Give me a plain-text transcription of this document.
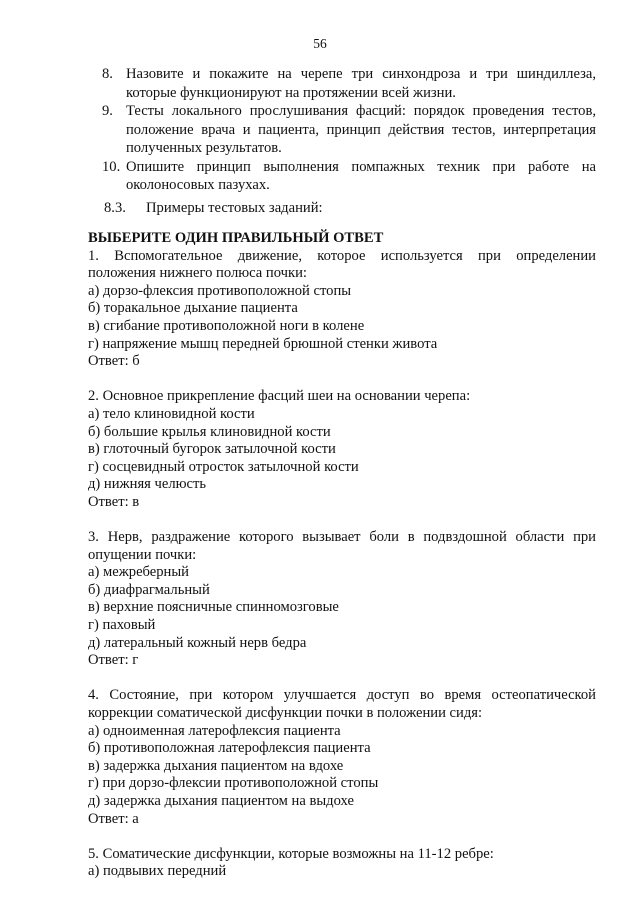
56
8. Назовите и покажите на черепе три синхондроза и три шиндиллеза, которые функционируют на протяжении всей жизни.
9. Тесты локального прослушивания фасций: порядок проведения тестов, положение врача и пациента, принцип действия тестов, интерпретация полученных результатов.
10. Опишите принцип выполнения помпажных техник при работе на околоносовых пазухах.
8.3. Примеры тестовых заданий:
ВЫБЕРИТЕ ОДИН ПРАВИЛЬНЫЙ ОТВЕТ
1. Вспомогательное движение, которое используется при определении положения нижнего полюса почки:
а) дорзо-флексия противоположной стопы
б) торакальное дыхание пациента
в) сгибание противоположной ноги в колене
г) напряжение мышц передней брюшной стенки живота
Ответ: б
2. Основное прикрепление фасций шеи на основании черепа:
а) тело клиновидной кости
б) большие крылья клиновидной кости
в) глоточный бугорок затылочной кости
г) сосцевидный отросток затылочной кости
д) нижняя челюсть
Ответ: в
3. Нерв, раздражение которого вызывает боли в подвздошной области при опущении почки:
а) межреберный
б) диафрагмальный
в) верхние поясничные спинномозговые
г) паховый
д) латеральный кожный нерв бедра
Ответ: г
4. Состояние, при котором улучшается доступ во время остеопатической коррекции соматической дисфункции почки в положении сидя:
а) одноименная латерофлексия пациента
б) противоположная латерофлексия пациента
в) задержка дыхания пациентом на вдохе
г) при дорзо-флексии противоположной стопы
д) задержка дыхания пациентом на выдохе
Ответ: а
5. Соматические дисфункции, которые возможны на 11-12 ребре:
а) подвывих передний
